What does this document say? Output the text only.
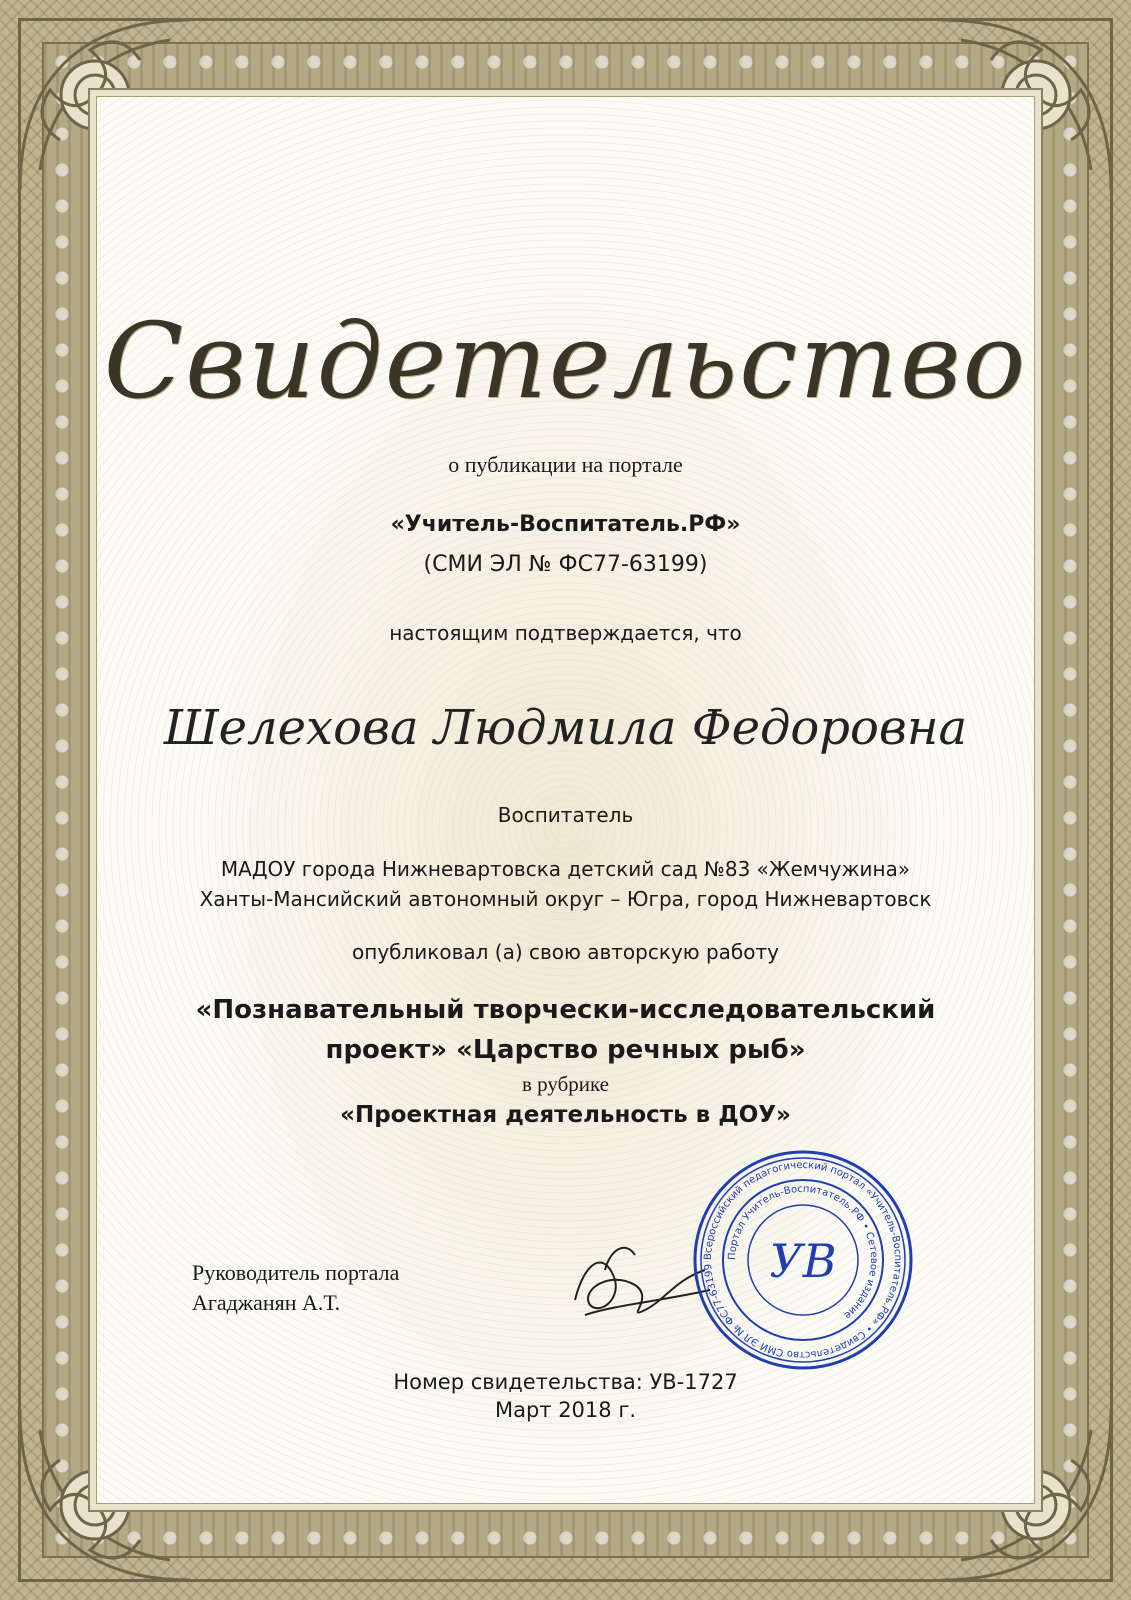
Свидетельство
о публикации на портале
«Учитель-Воспитатель.РФ»
(СМИ ЭЛ № ФС77-63199)
настоящим подтверждается, что
Шелехова Людмила Федоровна
Воспитатель
МАДОУ города Нижневартовска детский сад №83 «Жемчужина»
Ханты-Мансийский автономный округ – Югра, город Нижневартовск
опубликовал (а) свою авторскую работу
«Познавательный творчески-исследовательский
проект» «Царство речных рыб»
в рубрике
«Проектная деятельность в ДОУ»
Номер свидетельства: УВ-1727
Март 2018 г.
Руководитель портала
Агаджанян А.Т.
Всероссийский педагогический портал «Учитель-Воспитатель.РФ» • Свидетельство СМИ ЭЛ № ФС77-63199
Портал Учитель-Воспитатель.РФ • Сетевое издание
УВ
